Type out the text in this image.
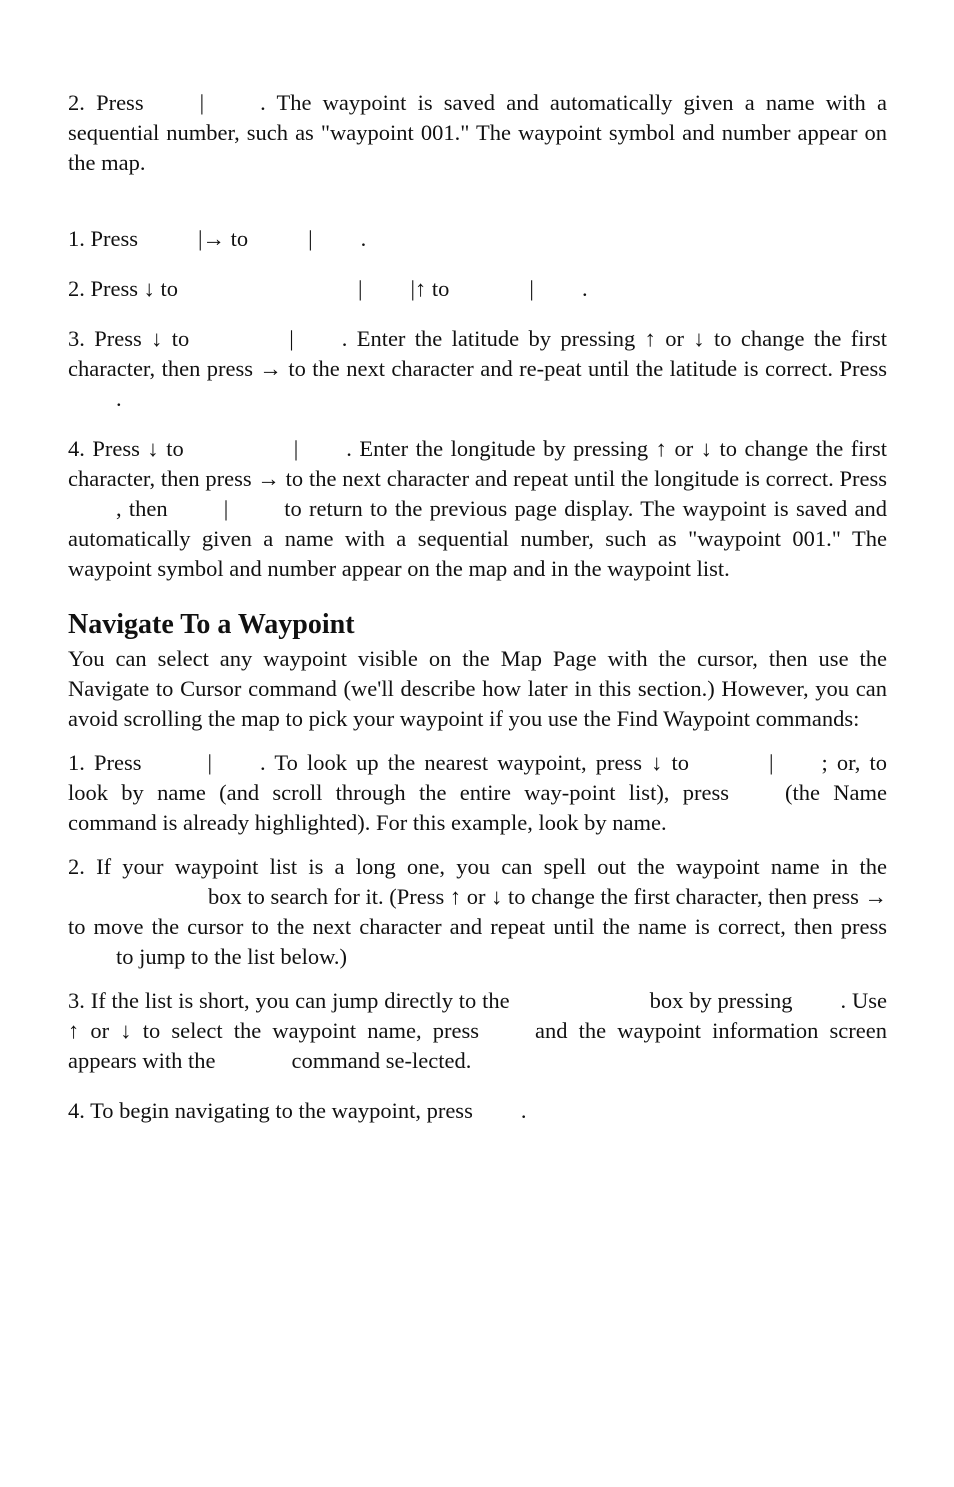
2. Press | . The waypoint is saved and automatically given a name with a sequential number, such as "waypoint 001." The waypoint symbol and number appear on the map.

1. Press	|→ to	| .

2. Press ↓ to	| |↑ to	| .

3. Press ↓ to	| . Enter the latitude by pressing ↑ or ↓ to change the first character, then press → to the next character and re-peat until the latitude is correct. Press.

4. Press ↓ to	| . Enter the longitude by pressing ↑ or ↓ to change the first character, then press → to the next character and repeat until the longitude is correct. Press, then | to return to the previous page display. The waypoint is saved and automatically given a name with a sequential number, such as "waypoint 001." The waypoint symbol and number appear on the map and in the waypoint list.

Navigate To a Waypoint

You can select any waypoint visible on the Map Page with the cursor, then use the Navigate to Cursor command (we'll describe how later in this section.) However, you can avoid scrolling the map to pick your waypoint if you use the Find Waypoint commands:

1. Press	| . To look up the nearest waypoint, press ↓ to	| ; or, to look by name (and scroll through the entire way-point list), press (the Name command is already highlighted). For this example, look by name.

2. If your waypoint list is a long one, you can spell out the waypoint name in thebox to search for it. (Press ↑ or ↓ to change the first character, then press → to move the cursor to the next character and repeat until the name is correct, then pressto jump to the list below.)

3. If the list is short, you can jump directly to the	box by pressing . Use ↑ or ↓ to select the waypoint name, press and the waypoint information screen appears with the	command se-lected.

4. To begin navigating to the waypoint, press .
